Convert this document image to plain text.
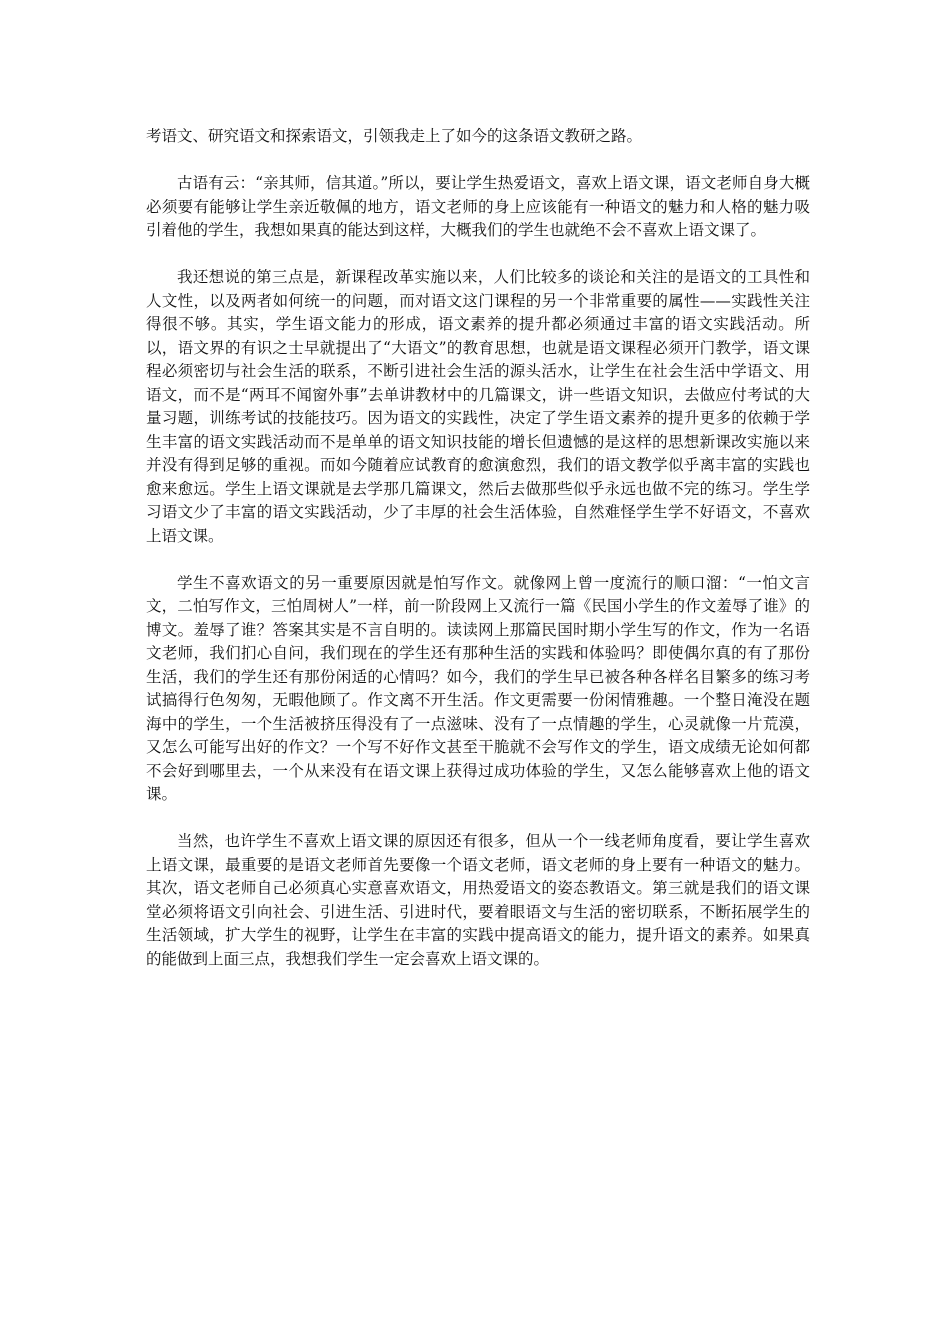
考语文、研究语文和探索语文，引领我走上了如今的这条语文教研之路。

古语有云：“亲其师，信其道。”所以，要让学生热爱语文，喜欢上语文课，语文老师自身大概必须要有能够让学生亲近敬佩的地方，语文老师的身上应该能有一种语文的魅力和人格的魅力吸引着他的学生，我想如果真的能达到这样，大概我们的学生也就绝不会不喜欢上语文课了。

我还想说的第三点是，新课程改革实施以来，人们比较多的谈论和关注的是语文的工具性和人文性，以及两者如何统一的问题，而对语文这门课程的另一个非常重要的属性——实践性关注得很不够。其实，学生语文能力的形成，语文素养的提升都必须通过丰富的语文实践活动。所以，语文界的有识之士早就提出了“大语文”的教育思想，也就是语文课程必须开门教学，语文课程必须密切与社会生活的联系，不断引进社会生活的源头活水，让学生在社会生活中学语文、用语文，而不是“两耳不闻窗外事”去单讲教材中的几篇课文，讲一些语文知识，去做应付考试的大量习题，训练考试的技能技巧。因为语文的实践性，决定了学生语文素养的提升更多的依赖于学生丰富的语文实践活动而不是单单的语文知识技能的增长但遗憾的是这样的思想新课改实施以来并没有得到足够的重视。而如今随着应试教育的愈演愈烈，我们的语文教学似乎离丰富的实践也愈来愈远。学生上语文课就是去学那几篇课文，然后去做那些似乎永远也做不完的练习。学生学习语文少了丰富的语文实践活动，少了丰厚的社会生活体验，自然难怪学生学不好语文，不喜欢上语文课。

学生不喜欢语文的另一重要原因就是怕写作文。就像网上曾一度流行的顺口溜：“一怕文言文，二怕写作文，三怕周树人”一样，前一阶段网上又流行一篇《民国小学生的作文羞辱了谁》的博文。羞辱了谁？答案其实是不言自明的。读读网上那篇民国时期小学生写的作文，作为一名语文老师，我们扪心自问，我们现在的学生还有那种生活的实践和体验吗？即使偶尔真的有了那份生活，我们的学生还有那份闲适的心情吗？如今，我们的学生早已被各种各样名目繁多的练习考试搞得行色匆匆，无暇他顾了。作文离不开生活。作文更需要一份闲情雅趣。一个整日淹没在题海中的学生，一个生活被挤压得没有了一点滋味、没有了一点情趣的学生，心灵就像一片荒漠，又怎么可能写出好的作文？一个写不好作文甚至干脆就不会写作文的学生，语文成绩无论如何都不会好到哪里去，一个从来没有在语文课上获得过成功体验的学生，又怎么能够喜欢上他的语文课。

当然，也许学生不喜欢上语文课的原因还有很多，但从一个一线老师角度看，要让学生喜欢上语文课，最重要的是语文老师首先要像一个语文老师，语文老师的身上要有一种语文的魅力。其次，语文老师自己必须真心实意喜欢语文，用热爱语文的姿态教语文。第三就是我们的语文课堂必须将语文引向社会、引进生活、引进时代，要着眼语文与生活的密切联系，不断拓展学生的生活领域，扩大学生的视野，让学生在丰富的实践中提高语文的能力，提升语文的素养。如果真的能做到上面三点，我想我们学生一定会喜欢上语文课的。
